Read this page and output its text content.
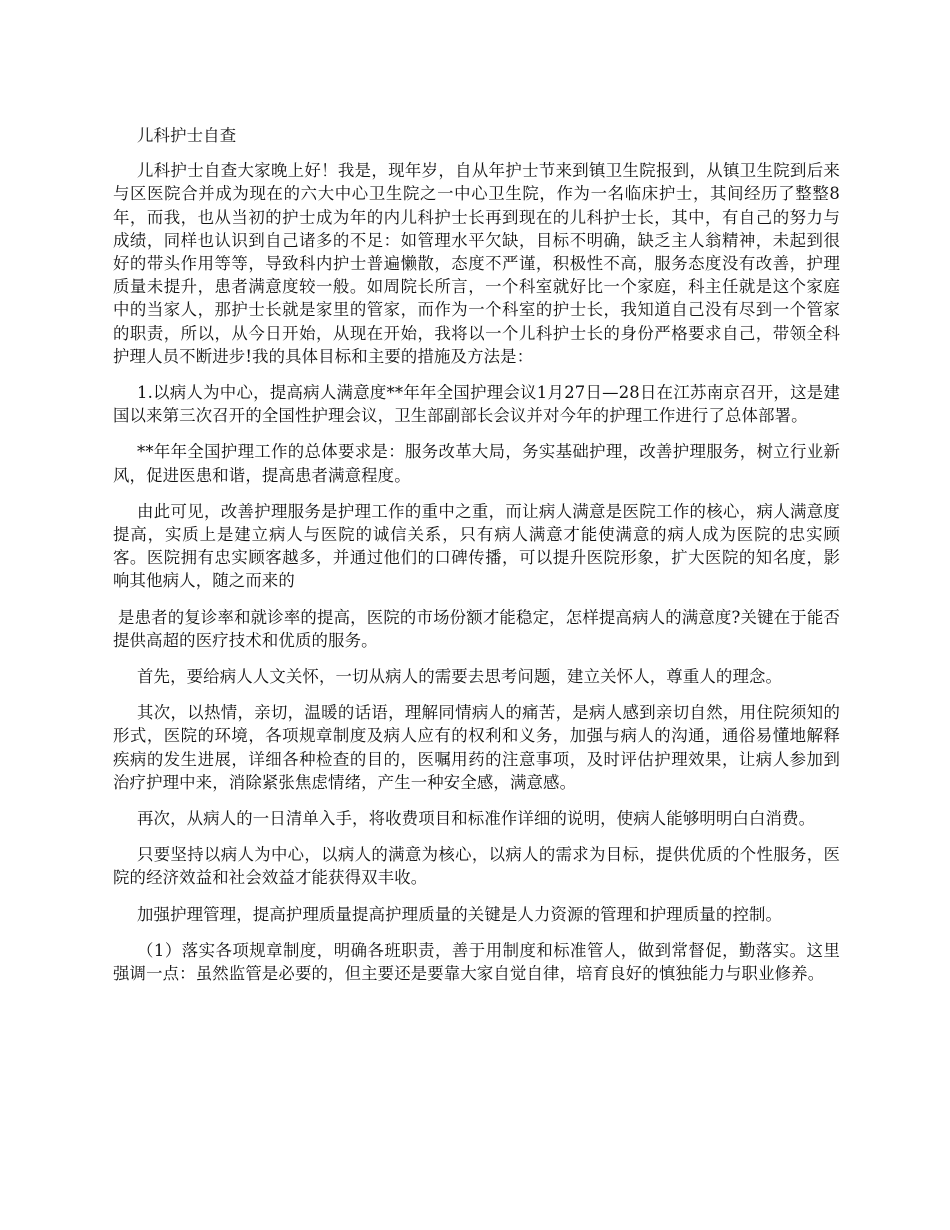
儿科护士自查

儿科护士自查大家晚上好！我是，现年岁，自从年护士节来到镇卫生院报到，从镇卫生院到后来与区医院合并成为现在的六大中心卫生院之一中心卫生院，作为一名临床护士，其间经历了整整8年，而我，也从当初的护士成为年的内儿科护士长再到现在的儿科护士长，其中，有自己的努力与成绩，同样也认识到自己诸多的不足：如管理水平欠缺，目标不明确，缺乏主人翁精神，未起到很好的带头作用等等，导致科内护士普遍懒散，态度不严谨，积极性不高，服务态度没有改善，护理质量未提升，患者满意度较一般。如周院长所言，一个科室就好比一个家庭，科主任就是这个家庭中的当家人，那护士长就是家里的管家，而作为一个科室的护士长，我知道自己没有尽到一个管家的职责，所以，从今日开始，从现在开始，我将以一个儿科护士长的身份严格要求自己，带领全科护理人员不断进步!我的具体目标和主要的措施及方法是：

1.以病人为中心，提高病人满意度**年年全国护理会议1月27日—28日在江苏南京召开，这是建国以来第三次召开的全国性护理会议，卫生部副部长会议并对今年的护理工作进行了总体部署。

**年年全国护理工作的总体要求是：服务改革大局，务实基础护理，改善护理服务，树立行业新风，促进医患和谐，提高患者满意程度。

由此可见，改善护理服务是护理工作的重中之重，而让病人满意是医院工作的核心，病人满意度提高，实质上是建立病人与医院的诚信关系，只有病人满意才能使满意的病人成为医院的忠实顾客。医院拥有忠实顾客越多，并通过他们的口碑传播，可以提升医院形象，扩大医院的知名度，影响其他病人，随之而来的

是患者的复诊率和就诊率的提高，医院的市场份额才能稳定，怎样提高病人的满意度?关键在于能否提供高超的医疗技术和优质的服务。

首先，要给病人人文关怀，一切从病人的需要去思考问题，建立关怀人，尊重人的理念。

其次，以热情，亲切，温暖的话语，理解同情病人的痛苦，是病人感到亲切自然，用住院须知的形式，医院的环境，各项规章制度及病人应有的权利和义务，加强与病人的沟通，通俗易懂地解释疾病的发生进展，详细各种检查的目的，医嘱用药的注意事项，及时评估护理效果，让病人参加到治疗护理中来，消除紧张焦虑情绪，产生一种安全感，满意感。

再次，从病人的一日清单入手，将收费项目和标准作详细的说明，使病人能够明明白白消费。

只要坚持以病人为中心，以病人的满意为核心，以病人的需求为目标，提供优质的个性服务，医院的经济效益和社会效益才能获得双丰收。

加强护理管理，提高护理质量提高护理质量的关键是人力资源的管理和护理质量的控制。

（1）落实各项规章制度，明确各班职责，善于用制度和标准管人，做到常督促，勤落实。这里强调一点：虽然监管是必要的，但主要还是要靠大家自觉自律，培育良好的慎独能力与职业修养。
